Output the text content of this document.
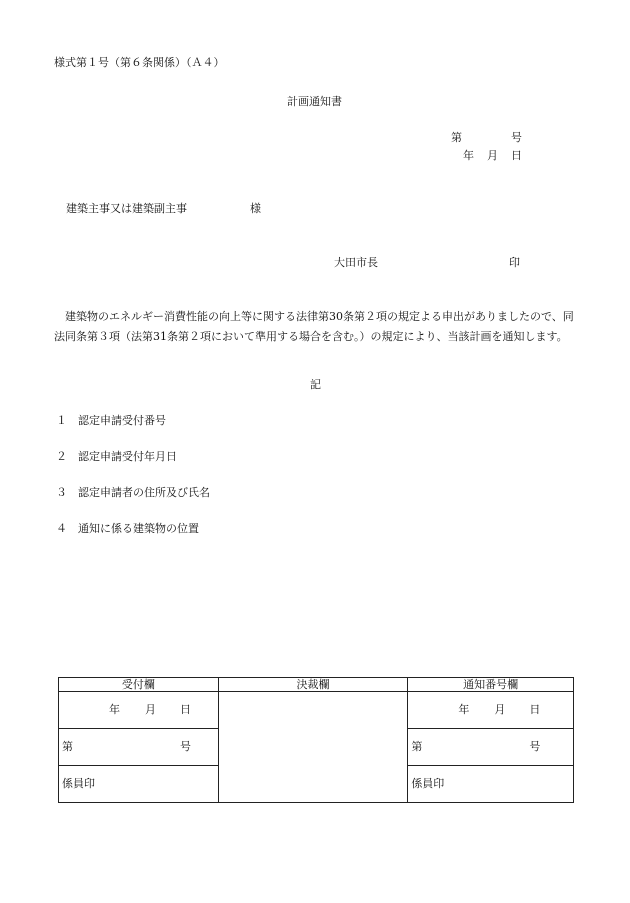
様式第１号（第６条関係）（Ａ４）
計画通知書
第	号
年 月 日
建築主事又は建築副主事	様
大田市長	印
建築物のエネルギー消費性能の向上等に関する法律第30条第２項の規定よる申出がありましたので、同法同条第３項（法第31条第２項において準用する場合を含む。）の規定により、当該計画を通知します。
記
１ 認定申請受付番号
２ 認定申請受付年月日
３ 認定申請者の住所及び氏名
４ 通知に係る建築物の位置
受付欄	決裁欄	通知番号欄

年 月 日		年 月 日

第 号		第 号

係員印		係員印
